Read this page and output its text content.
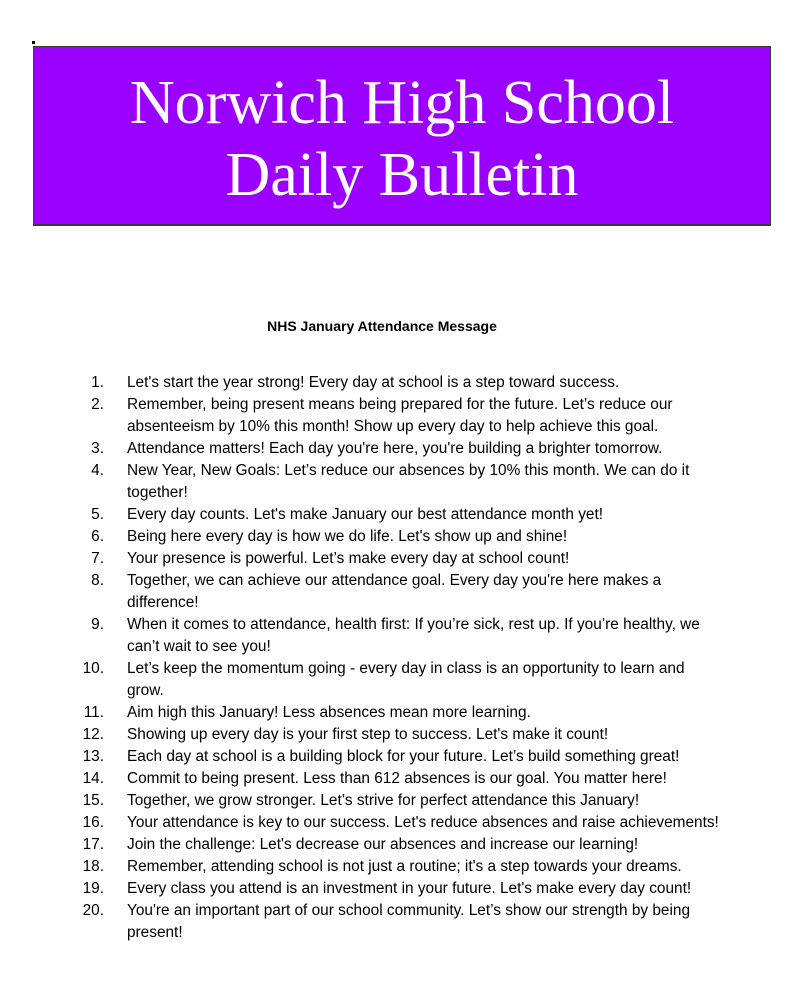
Norwich High School
Daily Bulletin
NHS January Attendance Message
1. Let's start the year strong! Every day at school is a step toward success.
2. Remember, being present means being prepared for the future. Let’s reduce our absenteeism by 10% this month! Show up every day to help achieve this goal.
3. Attendance matters! Each day you're here, you're building a brighter tomorrow.
4. New Year, New Goals: Let’s reduce our absences by 10% this month. We can do it together!
5. Every day counts. Let's make January our best attendance month yet!
6. Being here every day is how we do life. Let's show up and shine!
7. Your presence is powerful. Let’s make every day at school count!
8. Together, we can achieve our attendance goal. Every day you're here makes a difference!
9. When it comes to attendance, health first: If you’re sick, rest up. If you’re healthy, we can’t wait to see you!
10. Let’s keep the momentum going - every day in class is an opportunity to learn and grow.
11. Aim high this January! Less absences mean more learning.
12. Showing up every day is your first step to success. Let's make it count!
13. Each day at school is a building block for your future. Let’s build something great!
14. Commit to being present. Less than 612 absences is our goal. You matter here!
15. Together, we grow stronger. Let’s strive for perfect attendance this January!
16. Your attendance is key to our success. Let's reduce absences and raise achievements!
17. Join the challenge: Let's decrease our absences and increase our learning!
18. Remember, attending school is not just a routine; it's a step towards your dreams.
19. Every class you attend is an investment in your future. Let's make every day count!
20. You're an important part of our school community. Let’s show our strength by being present!
